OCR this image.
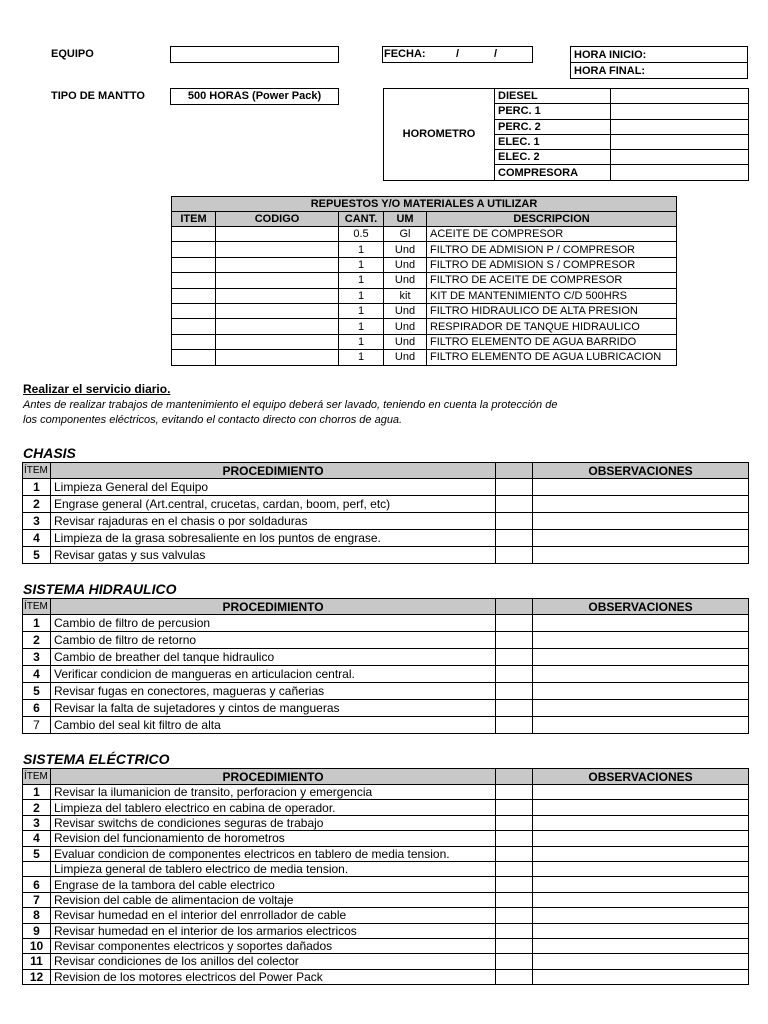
EQUIPO	FECHA:	/	/	HORA INICIO:
HORA FINAL:
TIPO DE MANTTO	500 HORAS (Power Pack)
HOROMETRO	DIESEL	
	PERC. 1	
	PERC. 2	
	ELEC. 1	
	ELEC. 2	
	COMPRESORA	
REPUESTOS Y/O MATERIALES A UTILIZAR				
ITEM	CODIGO	CANT.	UM	DESCRIPCION
		0.5	Gl	ACEITE DE COMPRESOR
		1	Und	FILTRO DE ADMISION P / COMPRESOR
		1	Und	FILTRO DE ADMISION S / COMPRESOR
		1	Und	FILTRO DE ACEITE DE COMPRESOR
		1	kit	KIT DE MANTENIMIENTO C/D 500HRS
		1	Und	FILTRO HIDRAULICO DE ALTA PRESION
		1	Und	RESPIRADOR DE TANQUE HIDRAULICO
		1	Und	FILTRO ELEMENTO DE AGUA BARRIDO
		1	Und	FILTRO ELEMENTO DE AGUA LUBRICACION
Realizar el servicio diario.
Antes de realizar trabajos de mantenimiento el equipo deberá ser lavado, teniendo en cuenta la protección de
los componentes eléctricos, evitando el contacto directo con chorros de agua.
CHASIS
ÍTEM	PROCEDIMIENTO		OBSERVACIONES
1	Limpieza General del Equipo		
2	Engrase general (Art.central, crucetas, cardan, boom, perf, etc)		
3	Revisar rajaduras en el chasis o por soldaduras		
4	Limpieza de la grasa sobresaliente en los puntos de engrase.		
5	Revisar gatas y sus valvulas		
SISTEMA HIDRAULICO
ÍTEM	PROCEDIMIENTO		OBSERVACIONES
1	Cambio de filtro de percusion		
2	Cambio de filtro de retorno		
3	Cambio de breather del tanque hidraulico		
4	Verificar condicion de mangueras en articulacion central.		
5	Revisar fugas en conectores, magueras y cañerias		
6	Revisar la falta de sujetadores y cintos de mangueras		
7	Cambio del seal kit filtro de alta		
SISTEMA ELÉCTRICO
ÍTEM	PROCEDIMIENTO		OBSERVACIONES
1	Revisar la ilumanicion de transito, perforacion y emergencia		
2	Limpieza del tablero electrico en cabina de operador.		
3	Revisar switchs de condiciones seguras de trabajo		
4	Revision del funcionamiento de horometros		
5	Evaluar condicion de componentes electricos en tablero de media tension.		
	Limpieza general de tablero electrico de media tension.		
6	Engrase de la tambora del cable electrico		
7	Revision del cable de alimentacion de voltaje		
8	Revisar humedad en el interior del enrrollador de cable		
9	Revisar humedad en el interior de los armarios electricos		
10	Revisar componentes electricos y soportes dañados		
11	Revisar condiciones de los anillos del colector		
12	Revision de los motores electricos del Power Pack		
